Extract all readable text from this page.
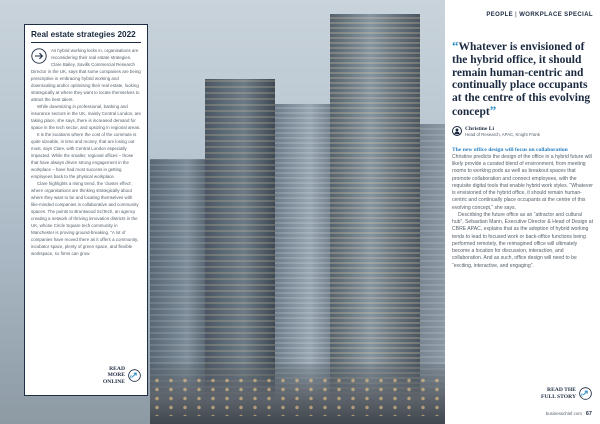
Real estate strategies 2022

As hybrid working kicks in, organisations are reconsidering their real estate strategies. Clare Bailey, Savills Commercial Research Director in the UK, says that some companies are being prescriptive in embracing hybrid working and downscaling and/or optimising their real estate, looking strategically at where they want to locate themselves to attract the best talent.

While downsizing in professional, banking and insurance sectors in the UK, mainly Central London, are taking place, she says, there is increased demand for space in the tech sector, and upsizing in regional areas.

It is the locations where the cost of the commute is quite sizeable, in time and money, that are losing out most, says Clare, with Central London especially impacted. While the smaller, regional offices – those that have always driven strong engagement in the workplace – have had most success in getting employees back to the physical workplace.

Clare highlights a rising trend, the ‘cluster effect’, where organisations are thinking strategically about where they want to be and locating themselves with like-minded companies in collaborative and community spaces. The points to Bruntwood SciTech, an agency creating a network of thriving innovation districts in the UK, whose Circle Square tech community in Manchester is proving ground-breaking. “A lot of companies have moved there as it offers a community, incubator space, plenty of green space, and flexible workspace, so firms can grow

READ MORE
ONLINE
PEOPLE | WORKPLACE SPECIAL
“Whatever is envisioned of the hybrid office, it should remain human-centric and continually place occupants at the centre of this evolving concept”
Christine Li
Head of Research, APAC, Knight Frank
The new office design will focus on collaboration

Christine predicts the design of the office in a hybrid future will likely provide a curated blend of environment, from meeting rooms to working pods as well as breakout spaces that promote collaboration and connect employees, with the requisite digital tools that enable hybrid work styles. “Whatever is envisioned of the hybrid office, it should remain human-centric and continually place occupants at the centre of this evolving concept,” she says.

Describing the future office as an “attractor and cultural hub”, Sebastian Mann, Executive Director & Head of Design at CBRE APAC, explains that as the adoption of hybrid working tends to lead to focused work or back-office functions being performed remotely, the reimagined office will ultimately become a location for discussion, interaction, and collaboration. And as such, office design will need to be “exciting, interactive, and engaging”.

READ THE
FULL STORY
businesschief.com 67
